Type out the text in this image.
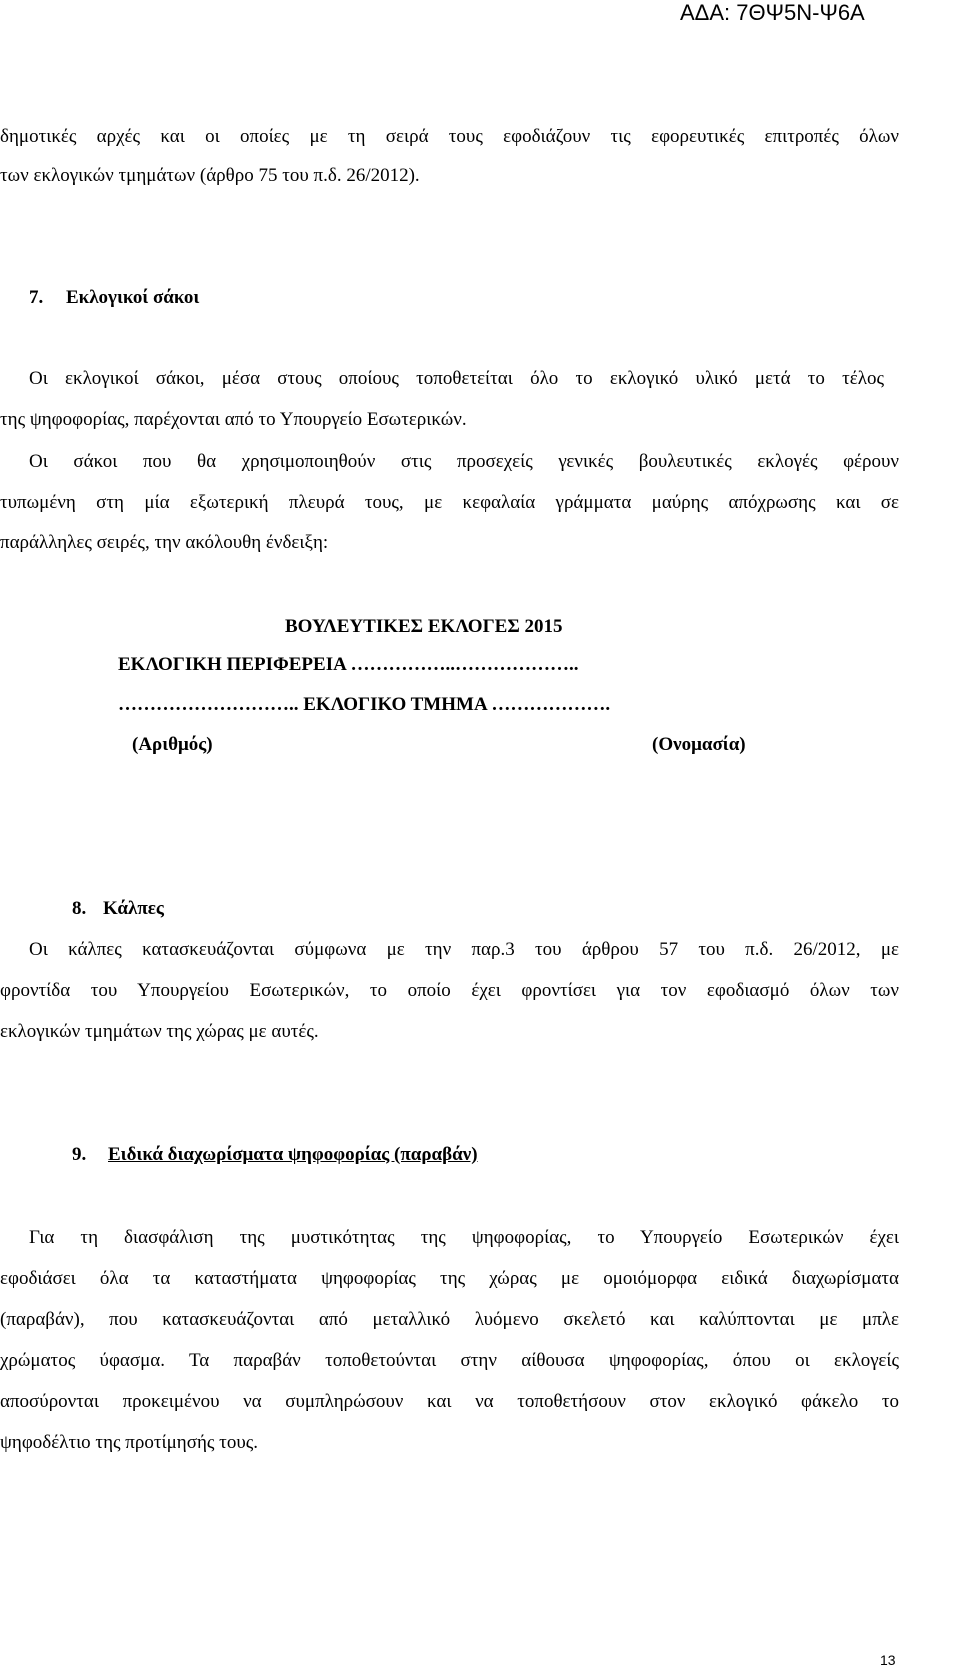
ΑΔΑ: 7ΘΨ5Ν-Ψ6Α
δημοτικές αρχές και οι οποίες με τη σειρά τους εφοδιάζουν τις εφορευτικές επιτροπές όλων
των εκλογικών τμημάτων (άρθρο 75 του π.δ. 26/2012).
7. Εκλογικοί σάκοι
Οι εκλογικοί σάκοι, μέσα στους οποίους τοποθετείται όλο το εκλογικό υλικό μετά το τέλος
της ψηφοφορίας, παρέχονται από το Υπουργείο Εσωτερικών.
Οι σάκοι που θα χρησιμοποιηθούν στις προσεχείς γενικές βουλευτικές εκλογές φέρουν
τυπωμένη στη μία εξωτερική πλευρά τους, με κεφαλαία γράμματα μαύρης απόχρωσης και σε
παράλληλες σειρές, την ακόλουθη ένδειξη:
ΒΟΥΛΕΥΤΙΚΕΣ ΕΚΛΟΓΕΣ 2015
ΕΚΛΟΓΙΚΗ ΠΕΡΙΦΕΡΕΙΑ ……………..………………..
……………………….. ΕΚΛΟΓΙΚΟ ΤΜΗΜΑ ……………….
(Αριθμός)	(Ονομασία)
8. Κάλπες
Οι κάλπες κατασκευάζονται σύμφωνα με την παρ.3 του άρθρου 57 του π.δ. 26/2012, με
φροντίδα του Υπουργείου Εσωτερικών, το οποίο έχει φροντίσει για τον εφοδιασμό όλων των
εκλογικών τμημάτων της χώρας με αυτές.
9. Ειδικά διαχωρίσματα ψηφοφορίας (παραβάν)
Για τη διασφάλιση της μυστικότητας της ψηφοφορίας, το Υπουργείο Εσωτερικών έχει
εφοδιάσει όλα τα καταστήματα ψηφοφορίας της χώρας με ομοιόμορφα ειδικά διαχωρίσματα
(παραβάν), που κατασκευάζονται από μεταλλικό λυόμενο σκελετό και καλύπτονται με μπλε
χρώματος ύφασμα. Τα παραβάν τοποθετούνται στην αίθουσα ψηφοφορίας, όπου οι εκλογείς
αποσύρονται προκειμένου να συμπληρώσουν και να τοποθετήσουν στον εκλογικό φάκελο το
ψηφοδέλτιο της προτίμησής τους.
13
